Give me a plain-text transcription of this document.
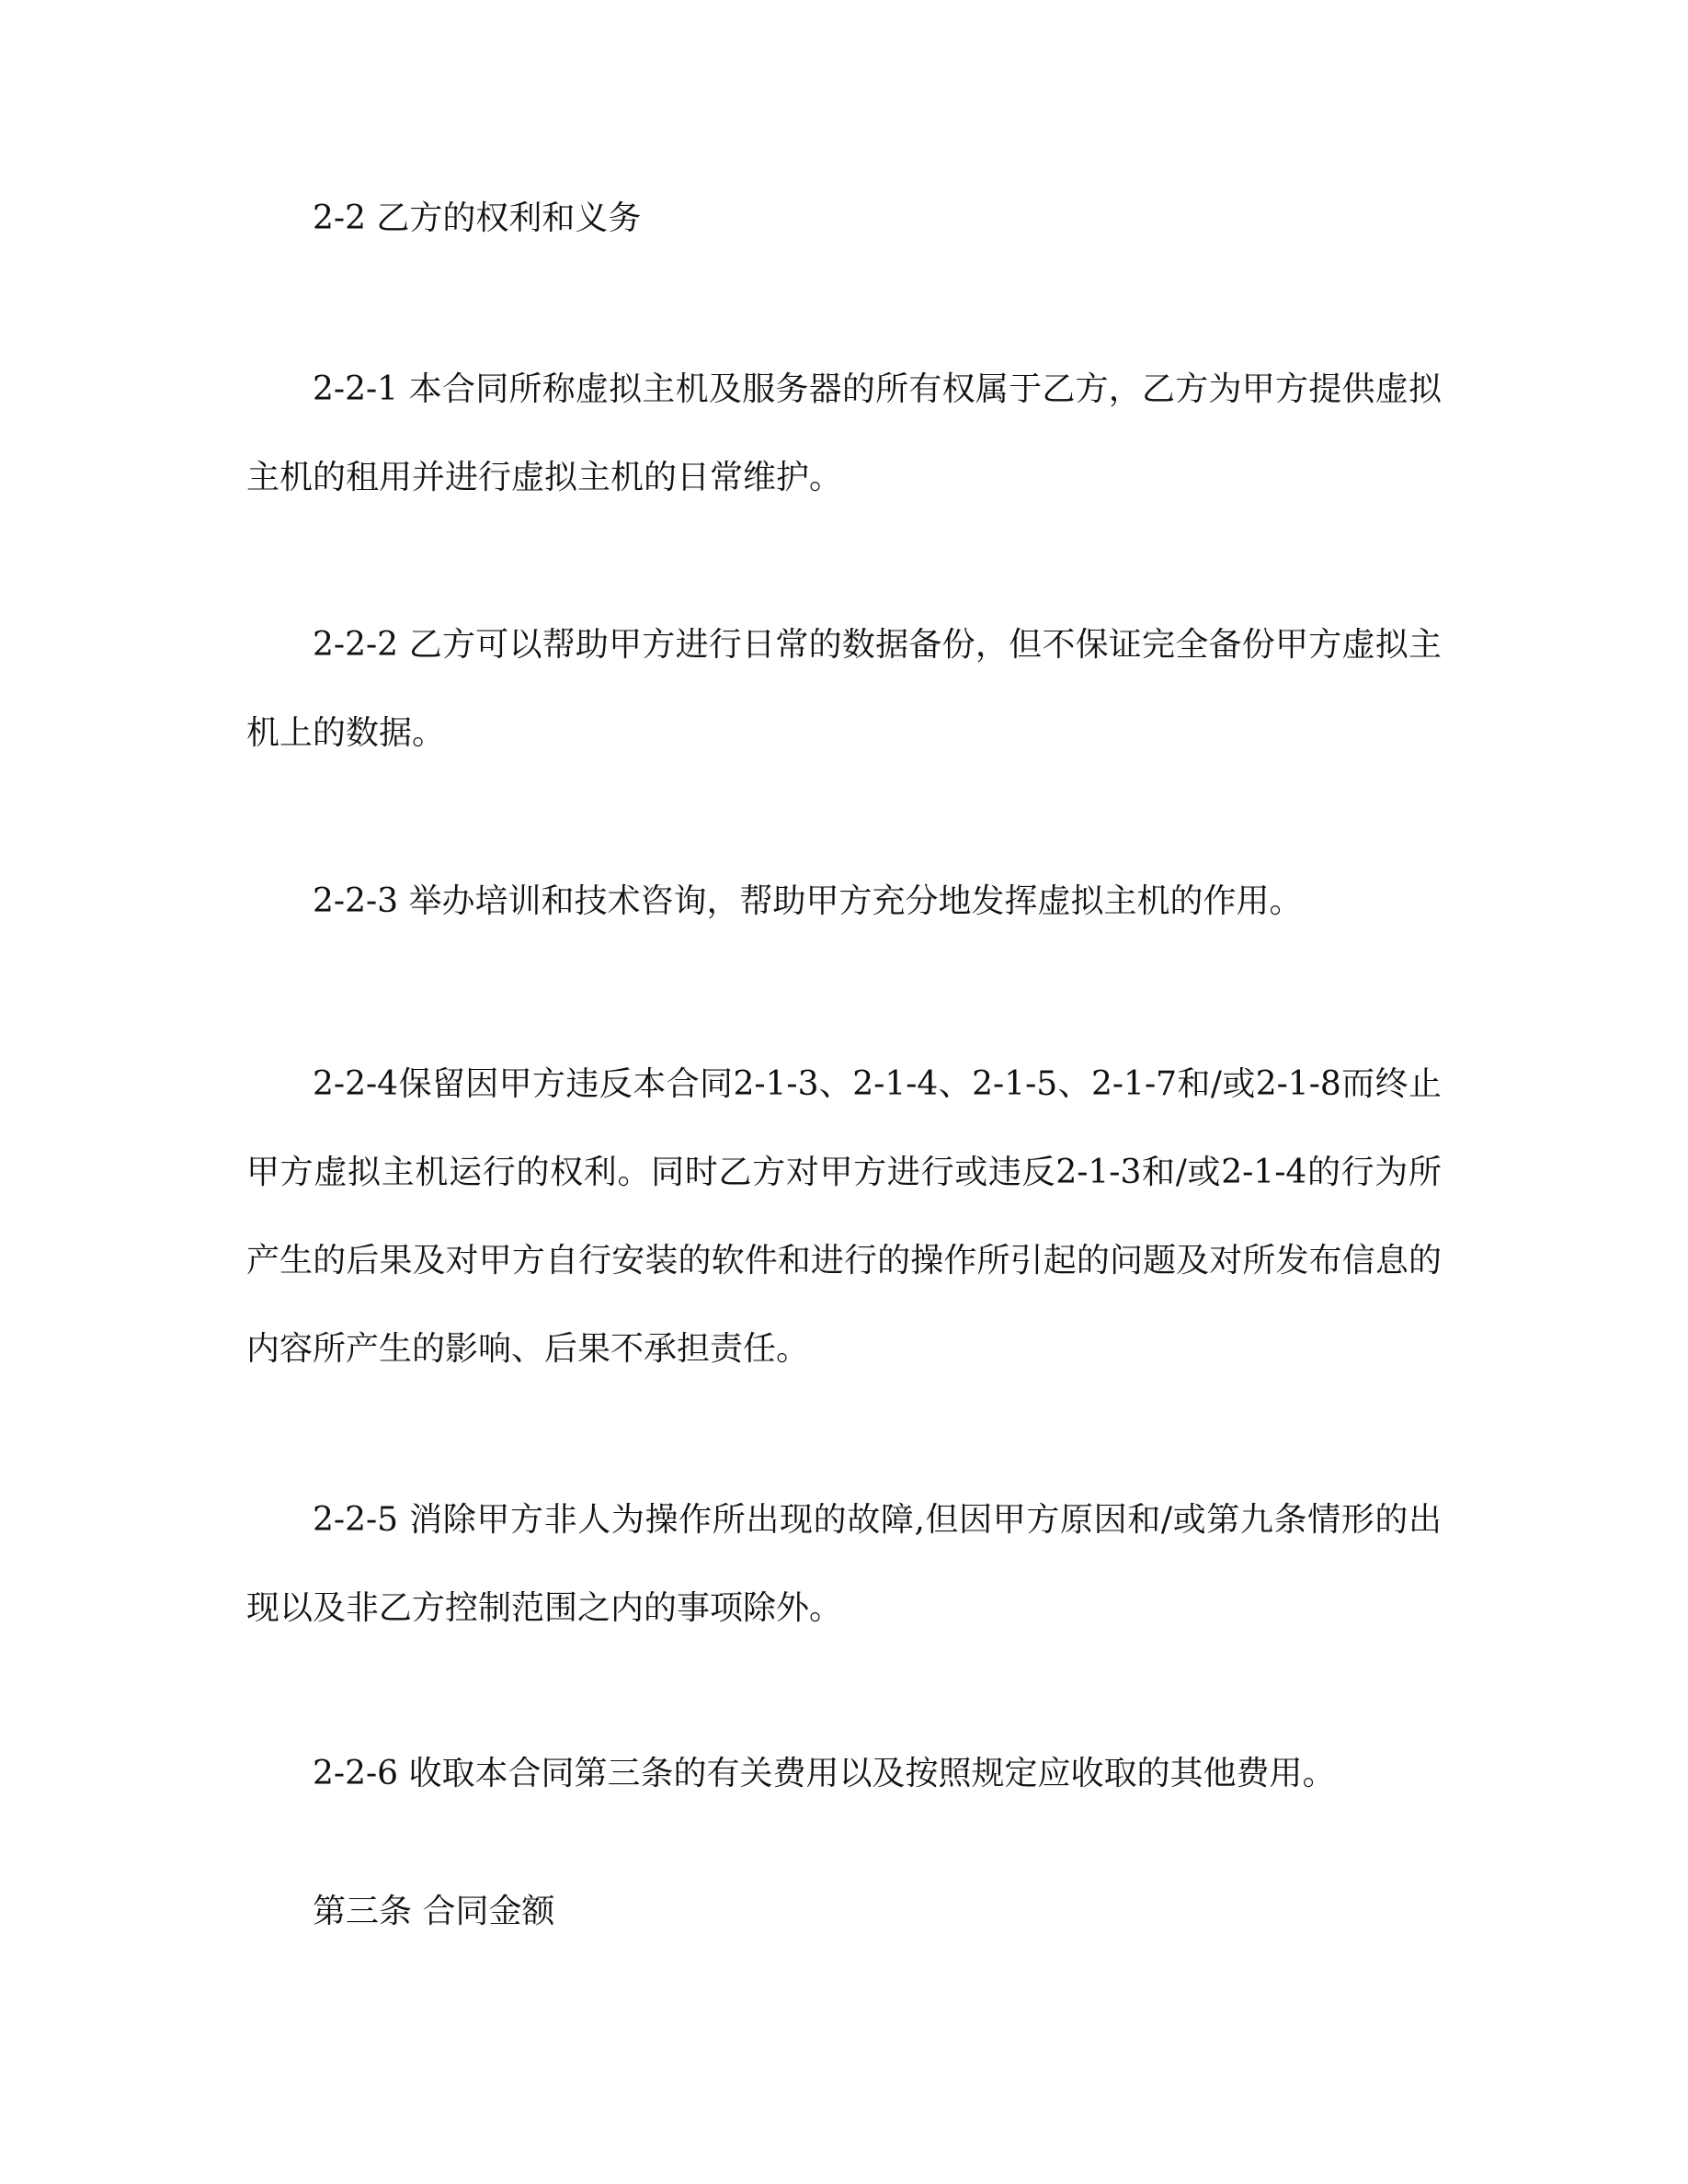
2-2 乙方的权利和义务

2-2-1 本合同所称虚拟主机及服务器的所有权属于乙方，乙方为甲方提供虚拟主机的租用并进行虚拟主机的日常维护。

2-2-2 乙方可以帮助甲方进行日常的数据备份，但不保证完全备份甲方虚拟主机上的数据。

2-2-3 举办培训和技术咨询，帮助甲方充分地发挥虚拟主机的作用。

2-2-4保留因甲方违反本合同2-1-3、2-1-4、2-1-5、2-1-7和/或2-1-8而终止甲方虚拟主机运行的权利。同时乙方对甲方进行或违反2-1-3和/或2-1-4的行为所产生的后果及对甲方自行安装的软件和进行的操作所引起的问题及对所发布信息的内容所产生的影响、后果不承担责任。

2-2-5 消除甲方非人为操作所出现的故障,但因甲方原因和/或第九条情形的出现以及非乙方控制范围之内的事项除外。

2-2-6 收取本合同第三条的有关费用以及按照规定应收取的其他费用。

第三条 合同金额
